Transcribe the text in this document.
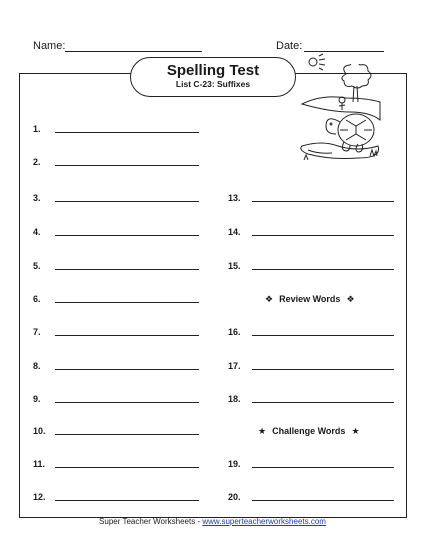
Name:	Date:
Spelling Test
List C-23: Suffixes
1.
2.
3.
4.
5.
6.
7.
8.
9.
10.
11.
12.
13.
14.
15.
❖ Review Words ❖
16.
17.
18.
★ Challenge Words ★
19.
20.
Super Teacher Worksheets - www.superteacherworksheets.com
